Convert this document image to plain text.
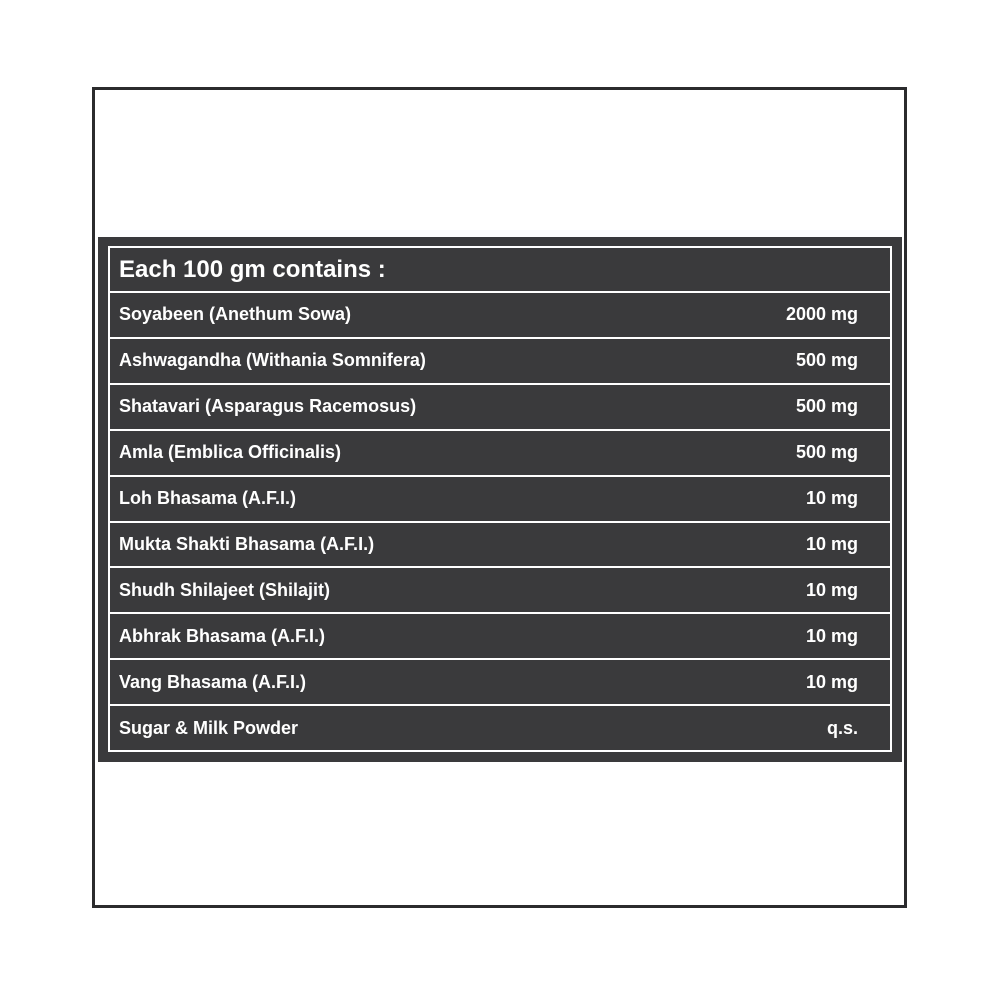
Each 100 gm contains :
Soyabeen (Anethum Sowa)	2000 mg
Ashwagandha (Withania Somnifera)	500 mg
Shatavari (Asparagus Racemosus)	500 mg
Amla (Emblica Officinalis)	500 mg
Loh Bhasama (A.F.I.)	10 mg
Mukta Shakti Bhasama (A.F.I.)	10 mg
Shudh Shilajeet (Shilajit)	10 mg
Abhrak Bhasama (A.F.I.)	10 mg
Vang Bhasama (A.F.I.)	10 mg
Sugar & Milk Powder	q.s.
